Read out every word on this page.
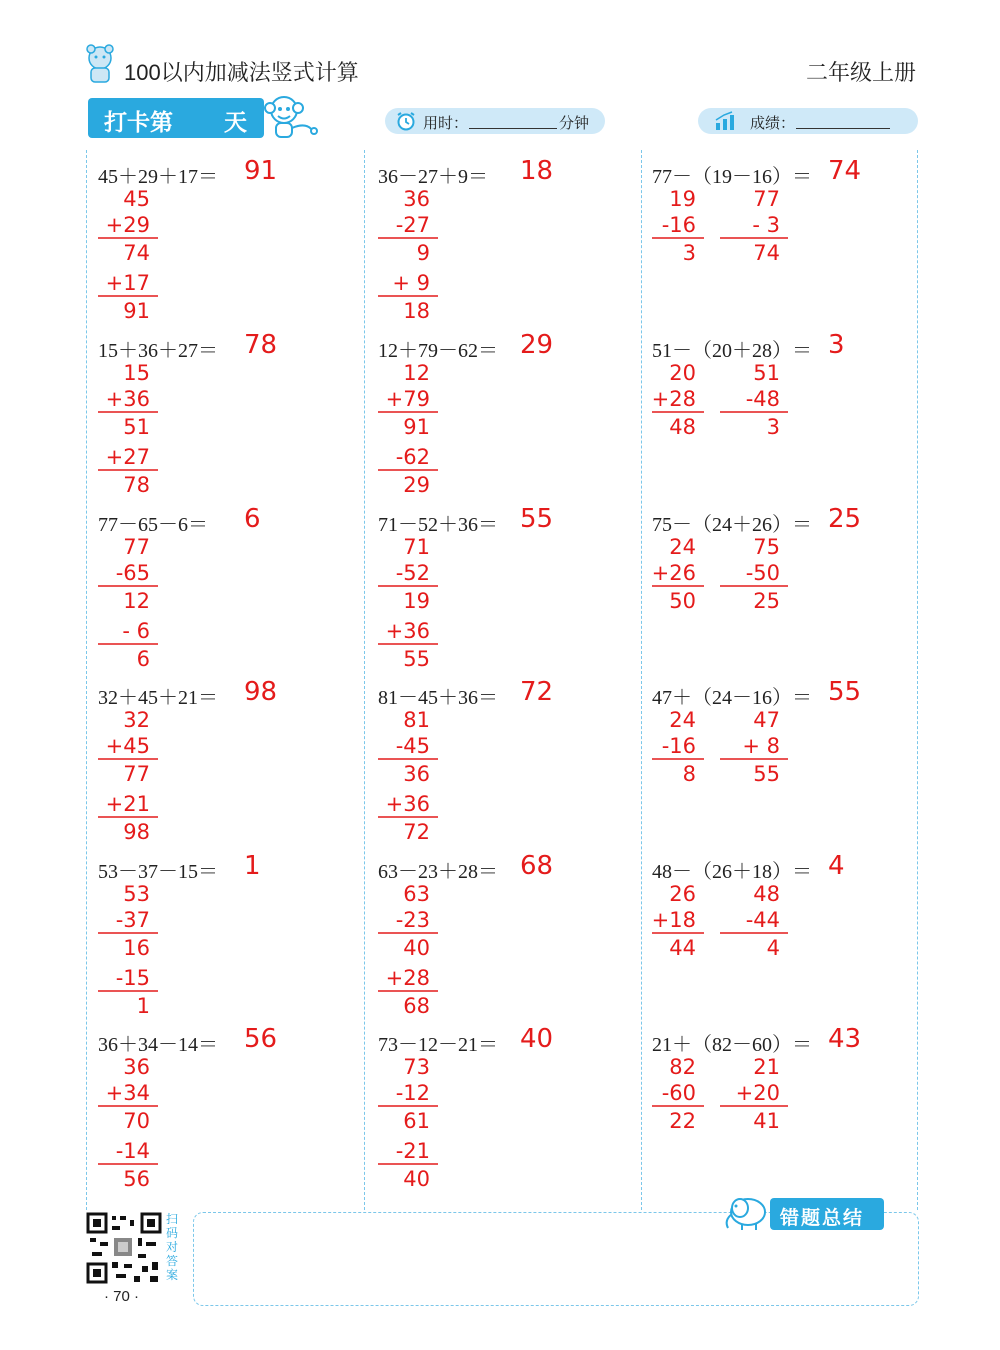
100以内加减法竖式计算	二年级上册
打卡第 天	用时：	分钟	成绩：
45＋29＋17＝ 91
45
+29
74
+17
91
36－27＋9＝ 18
36
-27
9
+ 9
18
77－（19－16）＝ 74
19
-16
3
77
- 3
74
15＋36＋27＝ 78
15
+36
51
+27
78
12＋79－62＝ 29
12
+79
91
-62
29
51－（20＋28）＝ 3
20
+28
48
51
-48
3
77－65－6＝ 6
77
-65
12
- 6
6
71－52＋36＝ 55
71
-52
19
+36
55
75－（24＋26）＝ 25
24
+26
50
75
-50
25
32＋45＋21＝ 98
32
+45
77
+21
98
81－45＋36＝ 72
81
-45
36
+36
72
47＋（24－16）＝ 55
24
-16
8
47
+ 8
55
53－37－15＝ 1
53
-37
16
-15
1
63－23＋28＝ 68
63
-23
40
+28
68
48－（26＋18）＝ 4
26
+18
44
48
-44
4
36＋34－14＝ 56
36
+34
70
-14
56
73－12－21＝ 40
73
-12
61
-21
40
21＋（82－60）＝ 43
82
-60
22
21
+20
41
扫码对答案
· 70 ·
错题总结
